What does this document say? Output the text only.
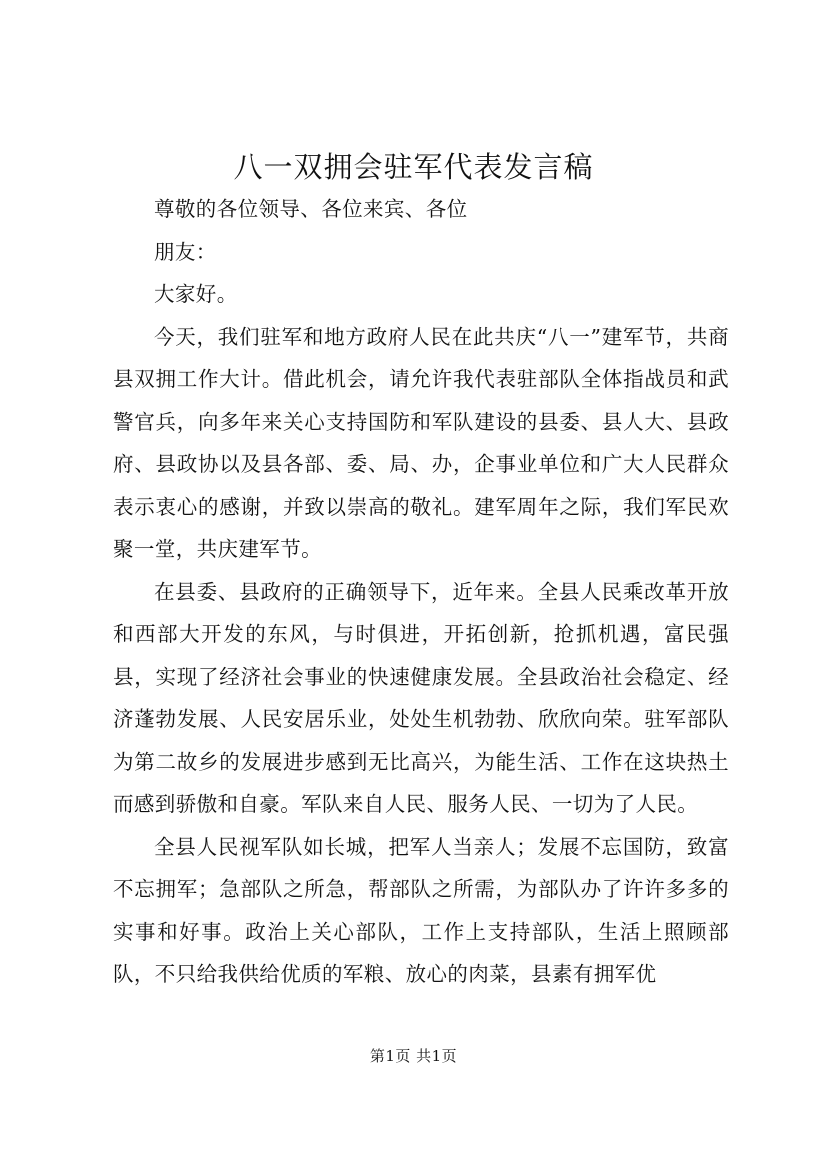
八一双拥会驻军代表发言稿

尊敬的各位领导、各位来宾、各位

朋友：

大家好。

今天，我们驻军和地方政府人民在此共庆“八一”建军节，共商县双拥工作大计。借此机会，请允许我代表驻部队全体指战员和武警官兵，向多年来关心支持国防和军队建设的县委、县人大、县政府、县政协以及县各部、委、局、办，企事业单位和广大人民群众表示衷心的感谢，并致以崇高的敬礼。建军周年之际，我们军民欢聚一堂，共庆建军节。

在县委、县政府的正确领导下，近年来。全县人民乘改革开放和西部大开发的东风，与时俱进，开拓创新，抢抓机遇，富民强县，实现了经济社会事业的快速健康发展。全县政治社会稳定、经济蓬勃发展、人民安居乐业，处处生机勃勃、欣欣向荣。驻军部队为第二故乡的发展进步感到无比高兴，为能生活、工作在这块热土而感到骄傲和自豪。军队来自人民、服务人民、一切为了人民。

全县人民视军队如长城，把军人当亲人；发展不忘国防，致富不忘拥军；急部队之所急，帮部队之所需，为部队办了许许多多的实事和好事。政治上关心部队，工作上支持部队，生活上照顾部队，不只给我供给优质的军粮、放心的肉菜，县素有拥军优

第1页 共1页
